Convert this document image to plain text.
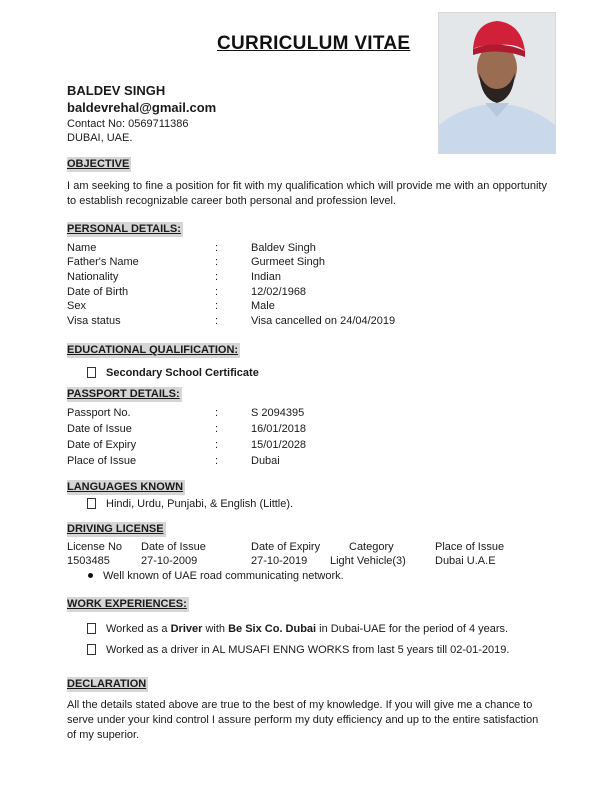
CURRICULUM VITAE
BALDEV SINGH
baldevrehal@gmail.com
Contact No: 0569711386
DUBAI, UAE.
OBJECTIVE
I am seeking to fine a position for fit with my qualification which will provide me with an opportunity to establish recognizable career both personal and profession level.
PERSONAL DETAILS:
Name	:	Baldev Singh
Father's Name	:	Gurmeet Singh
Nationality	:	Indian
Date of Birth	:	12/02/1968
Sex	:	Male
Visa status	:	Visa cancelled on 24/04/2019
EDUCATIONAL QUALIFICATION:
Secondary School Certificate
PASSPORT DETAILS:
Passport No.	:	S 2094395
Date of Issue	:	16/01/2018
Date of Expiry	:	15/01/2028
Place of Issue	:	Dubai
LANGUAGES KNOWN
Hindi, Urdu, Punjabi, & English (Little).
DRIVING LICENSE
License No Date of Issue	Date of Expiry	Category	Place of Issue
1503485	27-10-2009	27-10-2019 Light Vehicle(3)	Dubai U.A.E
Well known of UAE road communicating network.
WORK EXPERIENCES:
Worked as a Driver with Be Six Co. Dubai in Dubai-UAE for the period of 4 years.
Worked as a driver in AL MUSAFI ENNG WORKS from last 5 years till 02-01-2019.
DECLARATION
All the details stated above are true to the best of my knowledge. If you will give me a chance to serve under your kind control I assure perform my duty efficiency and up to the entire satisfaction of my superior.
